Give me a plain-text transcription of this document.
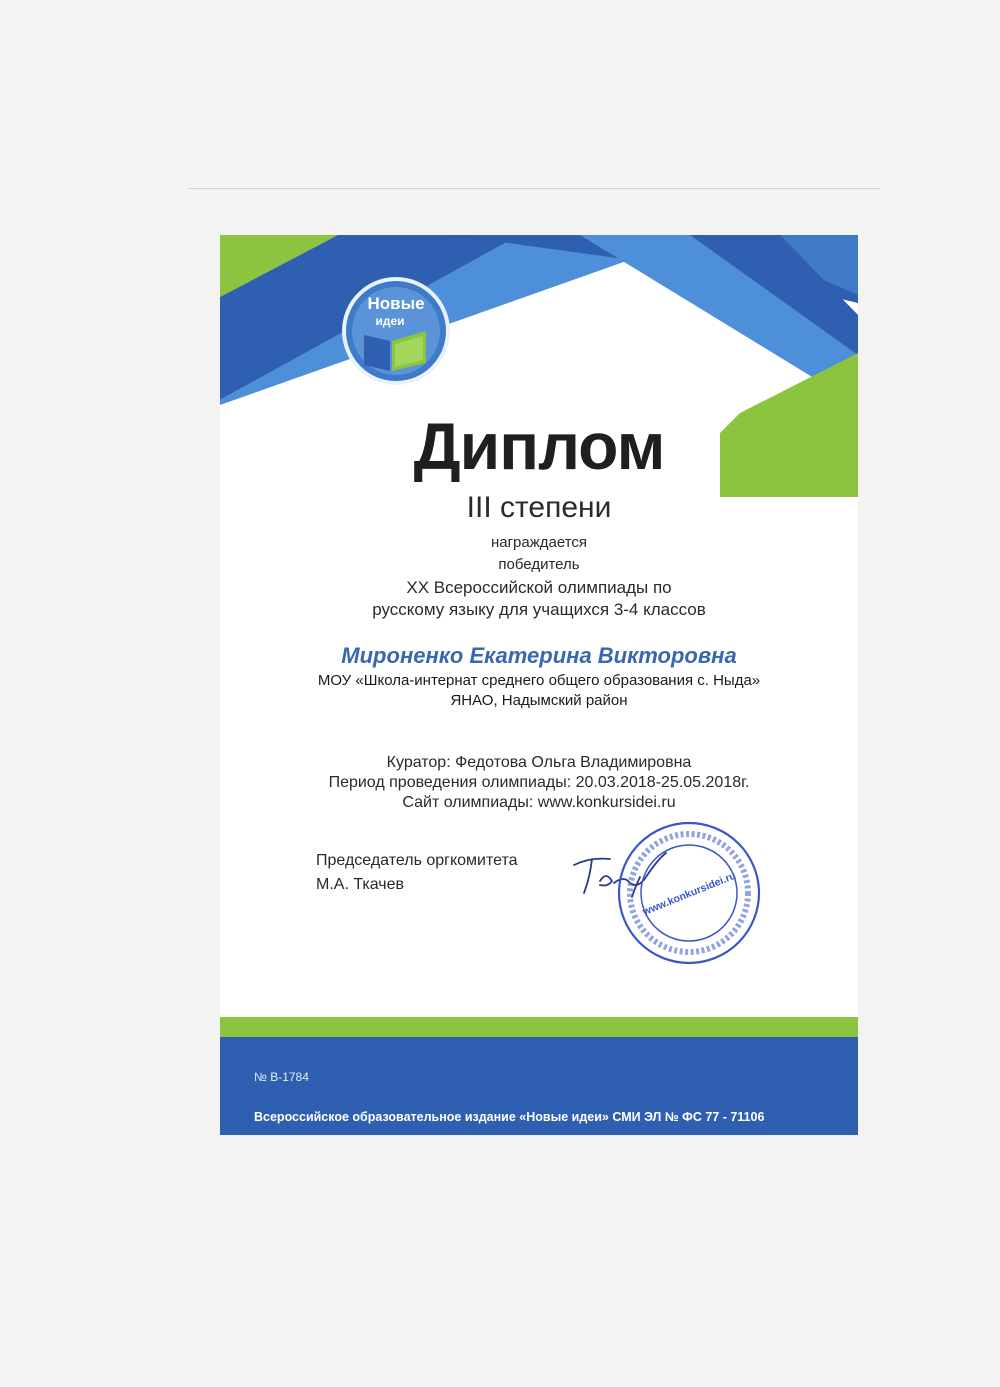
Новые
идеи
Диплом
III степени
награждается
победитель
XX Всероссийской олимпиады по
русскому языку для учащихся 3-4 классов
Мироненко Екатерина Викторовна
МОУ «Школа-интернат среднего общего образования с. Ныда»
ЯНАО, Надымский район
Куратор: Федотова Ольга Владимировна
Период проведения олимпиады: 20.03.2018-25.05.2018г.
Сайт олимпиады: www.konkursidei.ru
Председатель оргкомитета
М.А. Ткачев	www.konkursidei.ru
№ В-1784
Всероссийское образовательное издание «Новые идеи» СМИ ЭЛ № ФС 77 - 71106
